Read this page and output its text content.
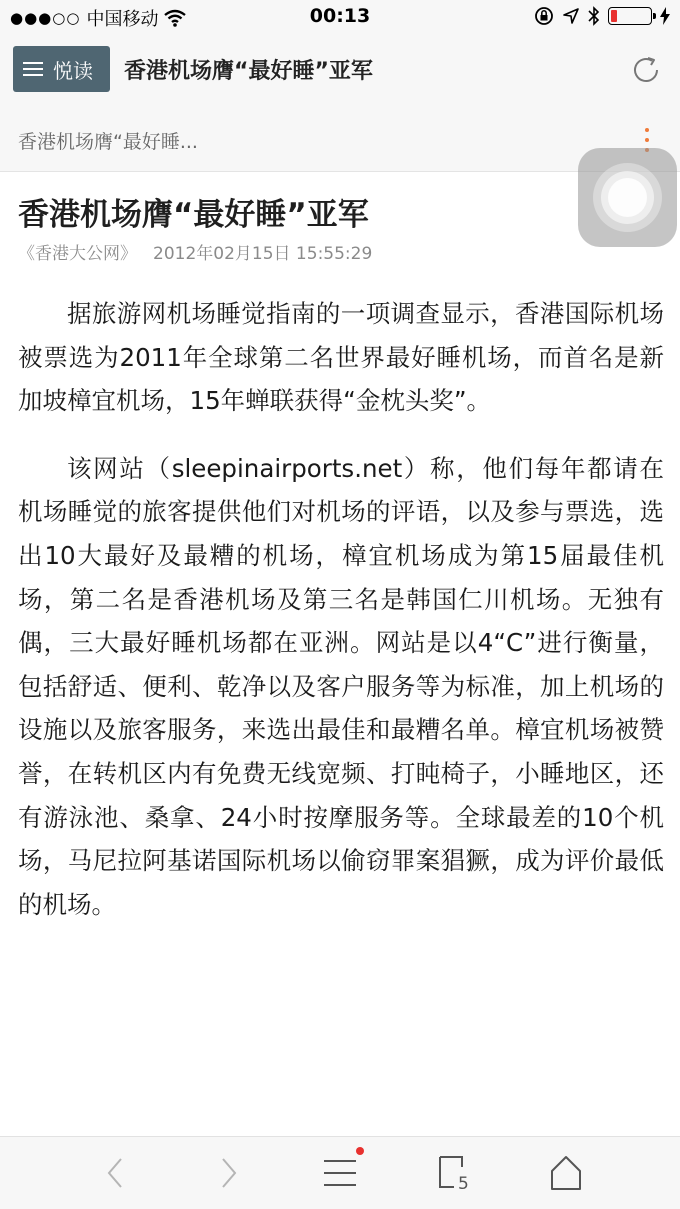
●●●○○ 中国移动	00:13
悦读 香港机场膺“最好睡”亚军
香港机场膺“最好睡...
香港机场膺“最好睡”亚军
《香港大公网》 2012年02月15日 15:55:29

据旅游网机场睡觉指南的一项调查显示，香港国际机场被票选为2011年全球第二名世界最好睡机场，而首名是新加坡樟宜机场，15年蝉联获得“金枕头奖”。

该网站（sleepinairports.net）称，他们每年都请在机场睡觉的旅客提供他们对机场的评语，以及参与票选，选出10大最好及最糟的机场，樟宜机场成为第15届最佳机场，第二名是香港机场及第三名是韩国仁川机场。无独有偶，三大最好睡机场都在亚洲。网站是以4“C”进行衡量，包括舒适、便利、乾净以及客户服务等为标准，加上机场的设施以及旅客服务，来选出最佳和最糟名单。樟宜机场被赞誉，在转机区内有免费无线宽频、打盹椅子，小睡地区，还有游泳池、桑拿、24小时按摩服务等。全球最差的10个机场，马尼拉阿基诺国际机场以偷窃罪案猖獗，成为评价最低的机场。

5
